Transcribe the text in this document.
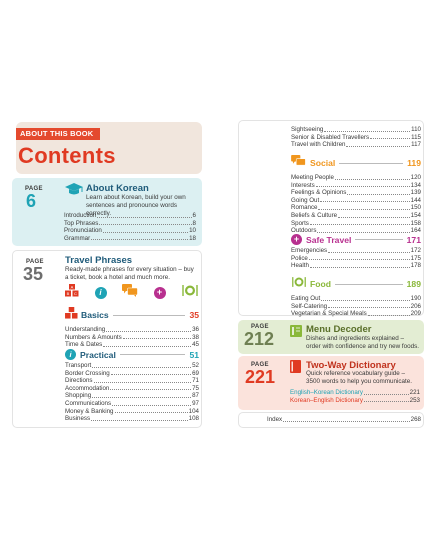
ABOUT THIS BOOK
Contents
PAGE
6
About Korean
Learn about Korean, build your own sentences and pronounce words correctly.
Introduction	6
Top Phrases	8
Pronunciation	10
Grammar	18
PAGE
35
Travel Phrases
Ready-made phrases for every situation – buy a ticket, book a hotel and much more.
A
B C	i	+
Basics	35
Understanding	36
Numbers & Amounts	38
Time & Dates	45
i Practical	51
Transport	52
Border Crossing	69
Directions	71
Accommodation	75
Shopping	87
Communications	97
Money & Banking	104
Business	108
Sightseeing	110
Senior & Disabled Travellers	115
Travel with Children	117
Social	119
Meeting People	120
Interests	134
Feelings & Opinions	139
Going Out	144
Romance	150
Beliefs & Culture	154
Sports	158
Outdoors	164
+ Safe Travel	171
Emergencies	172
Police	175
Health	178
Food	189
Eating Out	190
Self-Catering	206
Vegetarian & Special Meals	209
PAGE
212	Menu Decoder
Dishes and ingredients explained – order with confidence and try new foods.
PAGE
221
Two-Way Dictionary
Quick reference vocabulary guide – 3500 words to help you communicate.
English–Korean Dictionary	221
Korean–English Dictionary	253
Index	268
